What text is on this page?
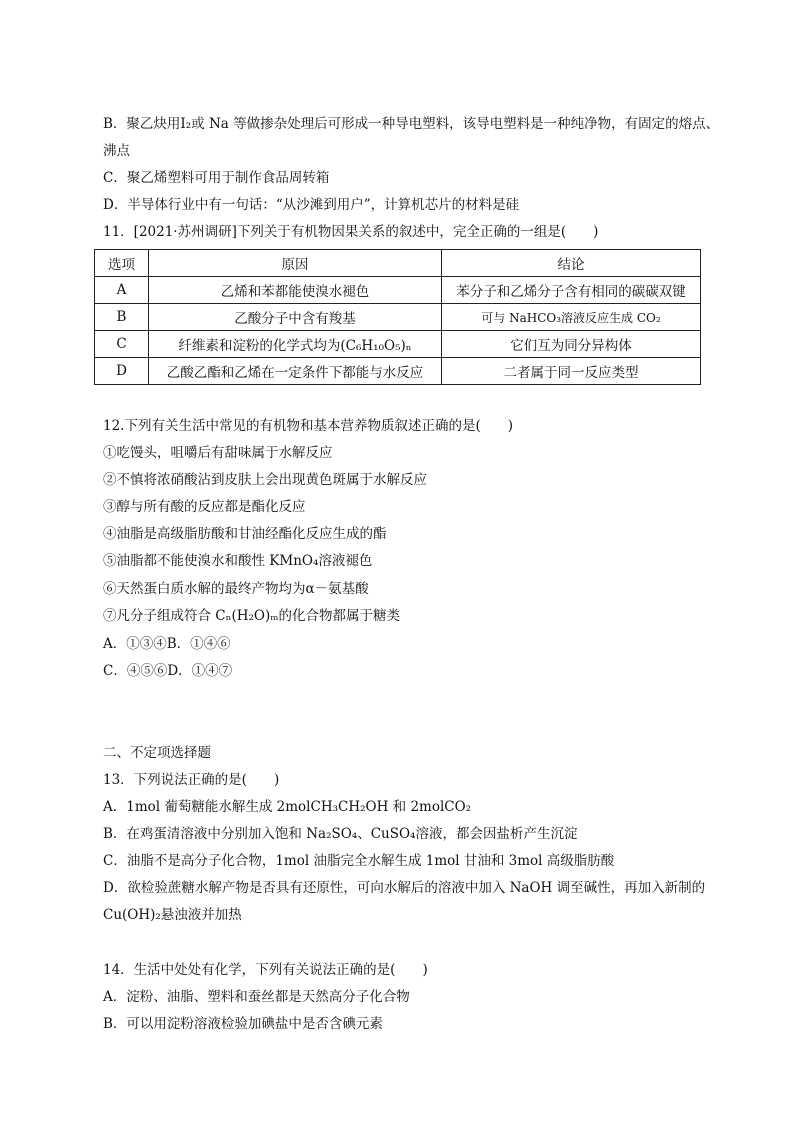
B．聚乙炔用I₂或 Na 等做掺杂处理后可形成一种导电塑料，该导电塑料是一种纯净物，有固定的熔点、
沸点
C．聚乙烯塑料可用于制作食品周转箱
D．半导体行业中有一句话：“从沙滩到用户”，计算机芯片的材料是硅
11．[2021·苏州调研]下列关于有机物因果关系的叙述中，完全正确的一组是(　　)
选项	原因	结论
A	乙烯和苯都能使溴水褪色	苯分子和乙烯分子含有相同的碳碳双键
B	乙酸分子中含有羧基	可与 NaHCO₃溶液反应生成 CO₂
C	纤维素和淀粉的化学式均为(C₆H₁₀O₅)ₙ	它们互为同分异构体
D	乙酸乙酯和乙烯在一定条件下都能与水反应	二者属于同一反应类型
12.下列有关生活中常见的有机物和基本营养物质叙述正确的是(　　)
①吃馒头，咀嚼后有甜味属于水解反应
②不慎将浓硝酸沾到皮肤上会出现黄色斑属于水解反应
③醇与所有酸的反应都是酯化反应
④油脂是高级脂肪酸和甘油经酯化反应生成的酯
⑤油脂都不能使溴水和酸性 KMnO₄溶液褪色
⑥天然蛋白质水解的最终产物均为α－氨基酸
⑦凡分子组成符合 Cₙ(H₂O)ₘ的化合物都属于糖类
A．①③④B．①④⑥
C．④⑤⑥D．①④⑦
二、不定项选择题
13．下列说法正确的是(　　)
A．1mol 葡萄糖能水解生成 2molCH₃CH₂OH 和 2molCO₂
B．在鸡蛋清溶液中分别加入饱和 Na₂SO₄、CuSO₄溶液，都会因盐析产生沉淀
C．油脂不是高分子化合物，1mol 油脂完全水解生成 1mol 甘油和 3mol 高级脂肪酸
D．欲检验蔗糖水解产物是否具有还原性，可向水解后的溶液中加入 NaOH 调至碱性，再加入新制的
Cu(OH)₂悬浊液并加热
14．生活中处处有化学，下列有关说法正确的是(　　)
A．淀粉、油脂、塑料和蚕丝都是天然高分子化合物
B．可以用淀粉溶液检验加碘盐中是否含碘元素
